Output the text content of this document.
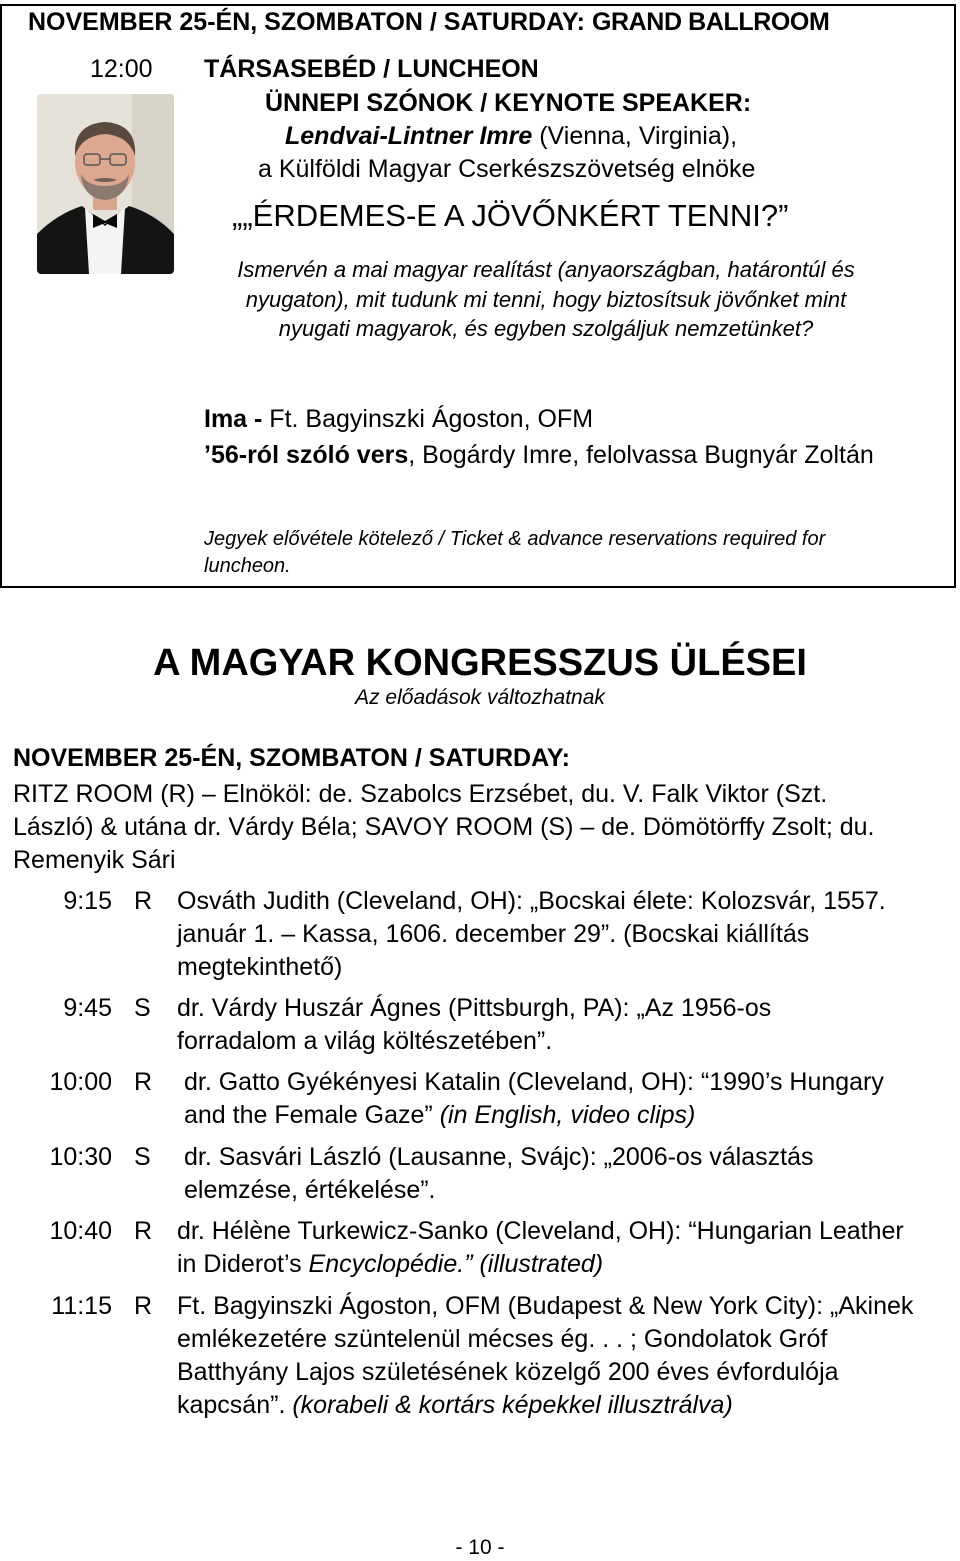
NOVEMBER 25-ÉN, SZOMBATON / SATURDAY: GRAND BALLROOM
12:00 TÁRSASEBÉD / LUNCHEON
ÜNNEPI SZÓNOK / KEYNOTE SPEAKER:
Lendvai-Lintner Imre (Vienna, Virginia),
a Külföldi Magyar Cserkészszövetség elnöke
„„ÉRDEMES-E A JÖVŐNKÉRT TENNI?”
Ismervén a mai magyar realítást (anyaországban, határontúl és nyugaton), mit tudunk mi tenni, hogy biztosítsuk jövőnket mint nyugati magyarok, és egyben szolgáljuk nemzetünket?
Ima - Ft. Bagyinszki Ágoston, OFM
’56-ról szóló vers, Bogárdy Imre, felolvassa Bugnyár Zoltán
Jegyek elővétele kötelező / Ticket & advance reservations required for luncheon.
A MAGYAR KONGRESSZUS ÜLÉSEI
Az előadások változhatnak
NOVEMBER 25-ÉN, SZOMBATON / SATURDAY:
RITZ ROOM (R) – Elnököl: de. Szabolcs Erzsébet, du. V. Falk Viktor (Szt. László) & utána dr. Várdy Béla; SAVOY ROOM (S) – de. Dömötörffy Zsolt; du. Remenyik Sári
9:15 R Osváth Judith (Cleveland, OH): „Bocskai élete: Kolozsvár, 1557. január 1. – Kassa, 1606. december 29”. (Bocskai kiállítás megtekinthető)
9:45 S dr. Várdy Huszár Ágnes (Pittsburgh, PA): „Az 1956-os forradalom a világ költészetében”.
10:00 R dr. Gatto Gyékényesi Katalin (Cleveland, OH): “1990’s Hungary and the Female Gaze” (in English, video clips)
10:30 S dr. Sasvári László (Lausanne, Svájc): „2006-os választás elemzése, értékelése”.
10:40 R dr. Hélène Turkewicz-Sanko (Cleveland, OH): “Hungarian Leather in Diderot’s Encyclopédie.” (illustrated)
11:15 R Ft. Bagyinszki Ágoston, OFM (Budapest & New York City): „Akinek emlékezetére szüntelenül mécses ég. . . ; Gondolatok Gróf Batthyány Lajos születésének közelgő 200 éves évfordulója kapcsán”. (korabeli & kortárs képekkel illusztrálva)
- 10 -
